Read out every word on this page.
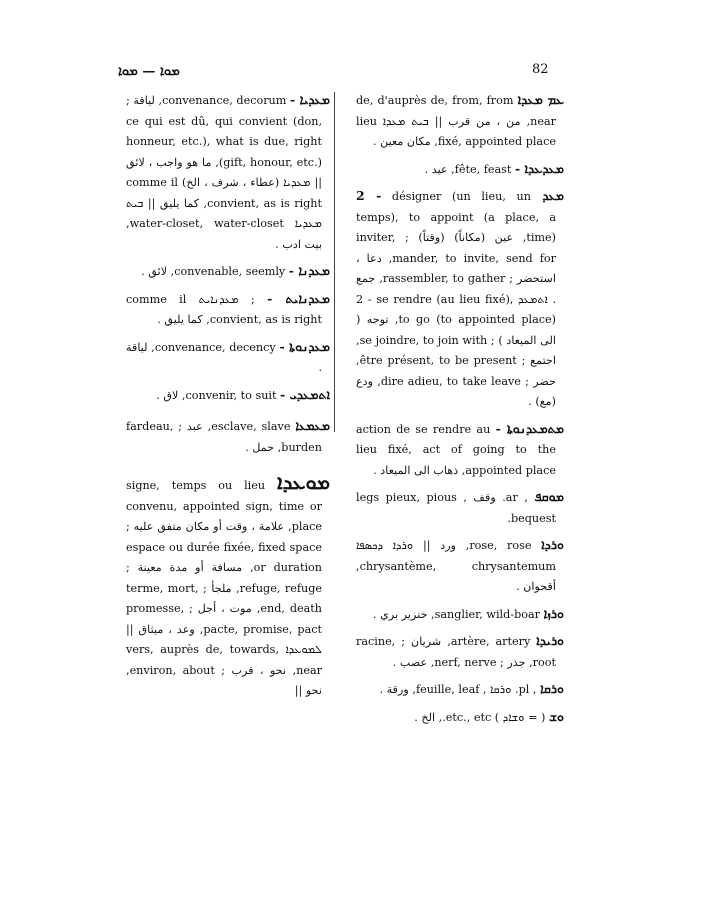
ܡܘܐ — ܡܘܐ	82
ܡܥܕܝܐ - convenance, decorum, لياقة ; ce qui est dû, qui convient (don, honneur, etc.), what is due, right (gift, honour, etc.), ما هو واجب ، لائق || ܡܥܕܝܐ (عطاء ، شرف ، الخ) comme il convient, as is right, كما يليق || ܒܝܬ ܡܥܕܝܐ water-closet, water-closet, بيت ادب .
ܡܥܕܢܐ - convenable, seemly, لائق .
ܡܥܕܢܐܝܬ - ; ܡܥܕܢܐܝܬ comme il convient, as is right, كما يليق .
ܡܥܕܢܘܬܐ - convenance, decency, لياقة .
ܐܬܡܥܕܝ - convenir, to suit, لاق .
ܡܥܡܥܐ esclave, slave, عبد ; fardeau, burden, حمل .
ܡܘܥܕܐ signe, temps ou lieu convenu, appointed sign, time or place, علامة ، وقت أو مكان متفق عليه ; espace ou durée fixée, fixed space or duration, مسافة أو مدة معينة ; refuge, refuge, ملجأ ; terme, mort, end, death, موت ، أجل ; promesse, pacte, promise, pact, وعد ، ميثاق || ܠܡܘܥܕܐ vers, auprès de, towards, near, نحو ، قرب ; environ, about, نحو ||
ܥܡ ܡܥܕܐ de, d'auprès de, from, from near, من ، من قرب || ܒܝܬ ܡܥܕܐ lieu fixé, appointed place, مكان معين .
ܡܥܕܥܕܐ - fête, feast, عيد .
ܡܥܕ ‎2 - désigner (un lieu, un temps), to appoint (a place, a time), عين (مكاناً) (وقتاً) ; inviter, mander, to invite, send for, دعا ، استحضر ; rassembler, to gather, جمع . ܐܬܡܥܕ ‎2 - se rendre (au lieu fixé), to go (to appointed place), توجه ( الى الميعاد ) ; se joindre, to join with, اجتمع ; être présent, to be present, حضر ; dire adieu, to take leave, ودع (مع) .
ܡܬܡܥܕܢܘܬܐ - action de se rendre au lieu fixé, act of going to the appointed place, ذهاب الى الميعاد .
ܡܘܩܦ , ar. وقف , legs pieux, pious bequest.
ܘܪܕܐ rose, rose, ورد || ܘܪܕܐ ܕܟܣܦܐ chrysantème, chrysantemum, أقحوان .
ܘܪܙܐ sanglier, wild-boar, خنزير بري .
ܘܪܝܕܐ artère, artery, شريان ; racine, root, جذر ; nerf, nerve, عصب .
ܘܪܩܐ , pl. ܘܪܩܐ , feuille, leaf, ورقة .
ܘܫ ( = ܘܫܐܕ ) etc., etc., الخ .
